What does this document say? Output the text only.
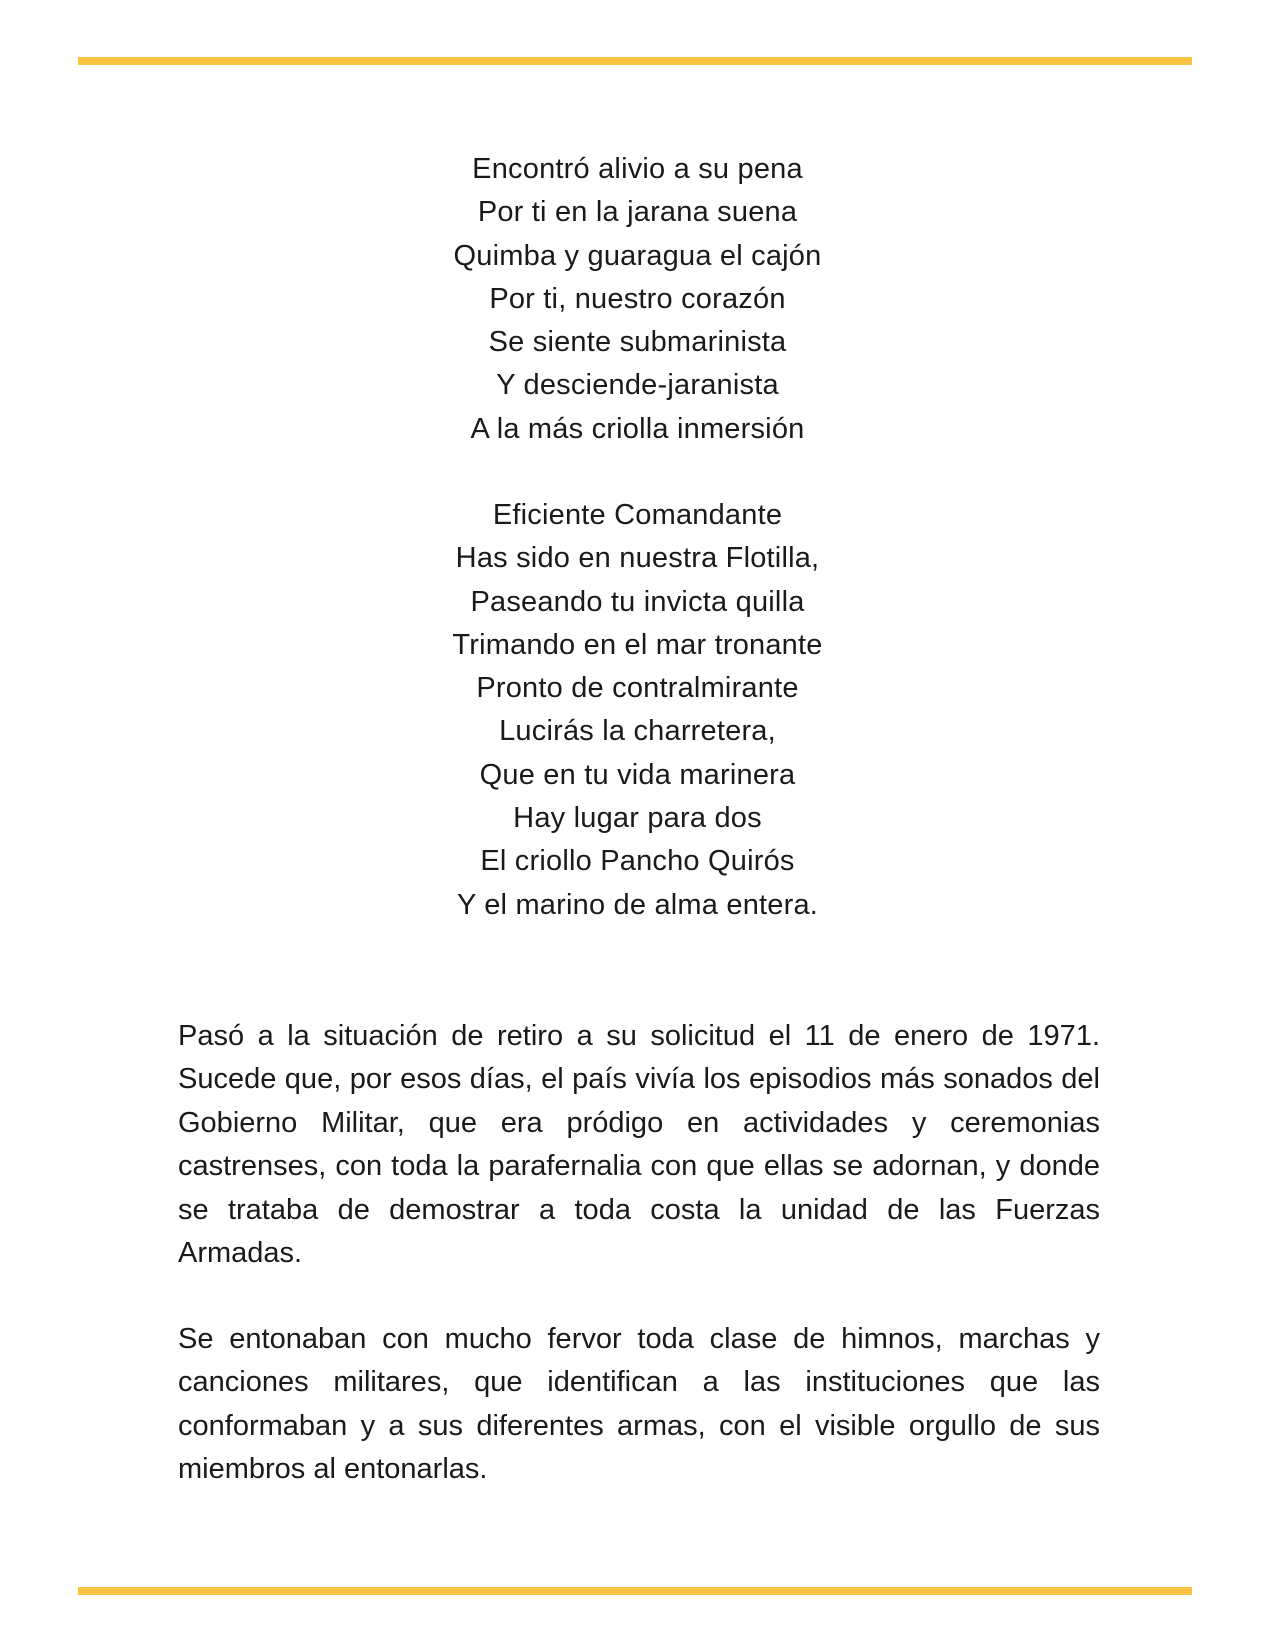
Encontró alivio a su pena
Por ti en la jarana suena
Quimba y guaragua el cajón
Por ti, nuestro corazón
Se siente submarinista
Y desciende-jaranista
A la más criolla inmersión
Eficiente Comandante
Has sido en nuestra Flotilla,
Paseando tu invicta quilla
Trimando en el mar tronante
Pronto de contralmirante
Lucirás la charretera,
Que en tu vida marinera
Hay lugar para dos
El criollo Pancho Quirós
Y el marino de alma entera.

Pasó a la situación de retiro a su solicitud el 11 de enero de 1971. Sucede que, por esos días, el país vivía los episodios más sonados del Gobierno Militar, que era pródigo en actividades y ceremonias castrenses, con toda la parafernalia con que ellas se adornan, y donde se trataba de demostrar a toda costa la unidad de las Fuerzas Armadas.

Se entonaban con mucho fervor toda clase de himnos, marchas y canciones militares, que identifican a las instituciones que las conformaban y a sus diferentes armas, con el visible orgullo de sus miembros al entonarlas.
